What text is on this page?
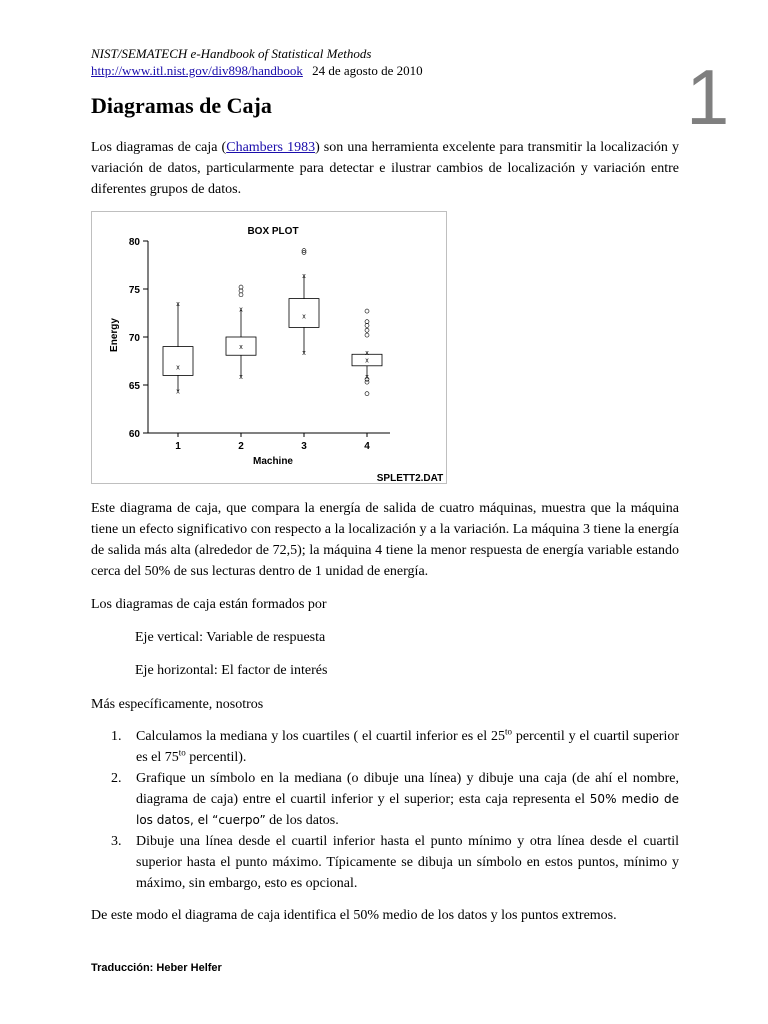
NIST/SEMATECH e-Handbook of Statistical Methods
http://www.itl.nist.gov/div898/handbook 24 de agosto de 2010	1
Diagramas de Caja

Los diagramas de caja (Chambers 1983) son una herramienta excelente para transmitir la localización y variación de datos, particularmente para detectar e ilustrar cambios de localización y variación entre diferentes grupos de datos.

BOX PLOT
Energy
Machine
SPLETT2.DAT
60
65
70
75
80
1	2	3	4
x
x
x
x
x
x
x
x
x
x
x
x

Este diagrama de caja, que compara la energía de salida de cuatro máquinas, muestra que la máquina tiene un efecto significativo con respecto a la localización y a la variación. La máquina 3 tiene la energía de salida más alta (alrededor de 72,5); la máquina 4 tiene la menor respuesta de energía variable estando cerca del 50% de sus lecturas dentro de 1 unidad de energía.

Los diagramas de caja están formados por

Eje vertical: Variable de respuesta

Eje horizontal: El factor de interés

Más específicamente, nosotros

1. Calculamos la mediana y los cuartiles ( el cuartil inferior es el $25^{to}$ percentil y el cuartil superior es el $75^{to}$ percentil).
2. Grafique un símbolo en la mediana (o dibuje una línea) y dibuje una caja (de ahí el nombre, diagrama de caja) entre el cuartil inferior y el superior; esta caja representa el 50% medio de los datos, el “cuerpo” de los datos.
3. Dibuje una línea desde el cuartil inferior hasta el punto mínimo y otra línea desde el cuartil superior hasta el punto máximo. Típicamente se dibuja un símbolo en estos puntos, mínimo y máximo, sin embargo, esto es opcional.

De este modo el diagrama de caja identifica el 50% medio de los datos y los puntos extremos.

Traducción: Heber Helfer
